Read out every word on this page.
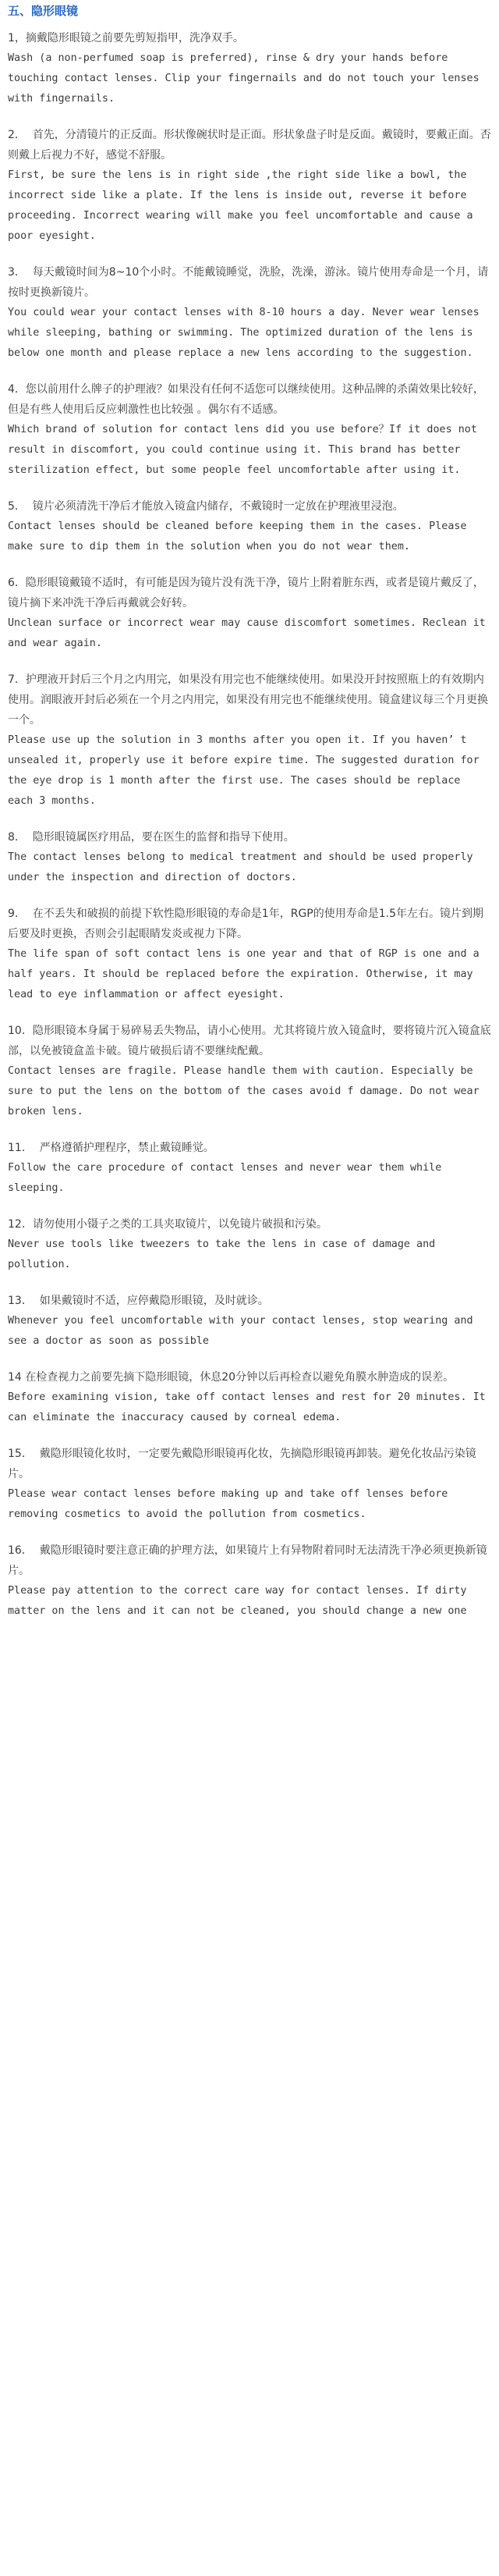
五、隐形眼镜

1，摘戴隐形眼镜之前要先剪短指甲，洗净双手。

Wash (a non-perfumed soap is preferred), rinse & dry your hands before touching contact lenses. Clip your fingernails and do not touch your lenses with fingernails.

2．  首先，分清镜片的正反面。形状像碗状时是正面。形状象盘子时是反面。戴镜时，要戴正面。否则戴上后视力不好，感觉不舒服。

First, be sure the lens is in right side ,the right side like a bowl, the incorrect side like a plate. If the lens is inside out, reverse it before proceeding. Incorrect wearing will make you feel uncomfortable and cause a poor eyesight.

3．  每天戴镜时间为8~10个小时。不能戴镜睡觉，洗脸，洗澡，游泳。镜片使用寿命是一个月，请按时更换新镜片。

You could wear your contact lenses with 8-10 hours a day. Never wear lenses while sleeping, bathing or swimming. The optimized duration of the lens is below one month and please replace a new lens according to the suggestion.

4．您以前用什么牌子的护理液？如果没有任何不适您可以继续使用。这种品牌的杀菌效果比较好，但是有些人使用后反应刺激性也比较强 。偶尔有不适感。

Which brand of solution for contact lens did you use before？If it does not result in discomfort, you could continue using it. This brand has better sterilization effect, but some people feel uncomfortable after using it.

5．  镜片必须清洗干净后才能放入镜盒内储存，不戴镜时一定放在护理液里浸泡。

Contact lenses should be cleaned before keeping them in the cases. Please make sure to dip them in the solution when you do not wear them.

6．隐形眼镜戴镜不适时，有可能是因为镜片没有洗干净，镜片上附着脏东西，或者是镜片戴反了，镜片摘下来冲洗干净后再戴就会好转。

Unclean surface or incorrect wear may cause discomfort sometimes. Reclean it and wear again.

7．护理液开封后三个月之内用完，如果没有用完也不能继续使用。如果没开封按照瓶上的有效期内使用。润眼液开封后必须在一个月之内用完，如果没有用完也不能继续使用。镜盒建议每三个月更换一个。

Please use up the solution in 3 months after you open it. If you haven’ t unsealed it, properly use it before expire time. The suggested duration for the eye drop is 1 month after the first use. The cases should be replace each 3 months.

8．  隐形眼镜属医疗用品，要在医生的监督和指导下使用。

The contact lenses belong to medical treatment and should be used properly under the inspection and direction of doctors.

9．  在不丢失和破损的前提下软性隐形眼镜的寿命是1年，RGP的使用寿命是1.5年左右。镜片到期后要及时更换，否则会引起眼睛发炎或视力下降。

The life span of soft contact lens is one year and that of RGP is one and a half years. It should be replaced before the expiration. Otherwise, it may lead to eye inflammation or affect eyesight.

10．隐形眼镜本身属于易碎易丢失物品，请小心使用。尤其将镜片放入镜盒时，要将镜片沉入镜盒底部，以免被镜盒盖卡破。镜片破损后请不要继续配戴。

Contact lenses are fragile. Please handle them with caution. Especially be sure to put the lens on the bottom of the cases avoid f damage. Do not wear broken lens.

11．  严格遵循护理程序，禁止戴镜睡觉。

Follow the care procedure of contact lenses and never wear them while sleeping.

12．请勿使用小镊子之类的工具夹取镜片，以免镜片破损和污染。

Never use tools like tweezers to take the lens in case of damage and pollution.

13．  如果戴镜时不适，应停戴隐形眼镜，及时就诊。

Whenever you feel uncomfortable with your contact lenses, stop wearing and see a doctor as soon as possible

14 在检查视力之前要先摘下隐形眼镜，休息20分钟以后再检查以避免角膜水肿造成的误差。

Before examining vision, take off contact lenses and rest for 20 minutes. It can eliminate the inaccuracy caused by corneal edema.

15．  戴隐形眼镜化妆时，一定要先戴隐形眼镜再化妆，先摘隐形眼镜再卸装。避免化妆品污染镜片。

Please wear contact lenses before making up and take off lenses before removing cosmetics to avoid the pollution from cosmetics.

16．  戴隐形眼镜时要注意正确的护理方法，如果镜片上有异物附着同时无法清洗干净必须更换新镜片。

Please pay attention to the correct care way for contact lenses. If dirty matter on the lens and it can not be cleaned, you should change a new one
